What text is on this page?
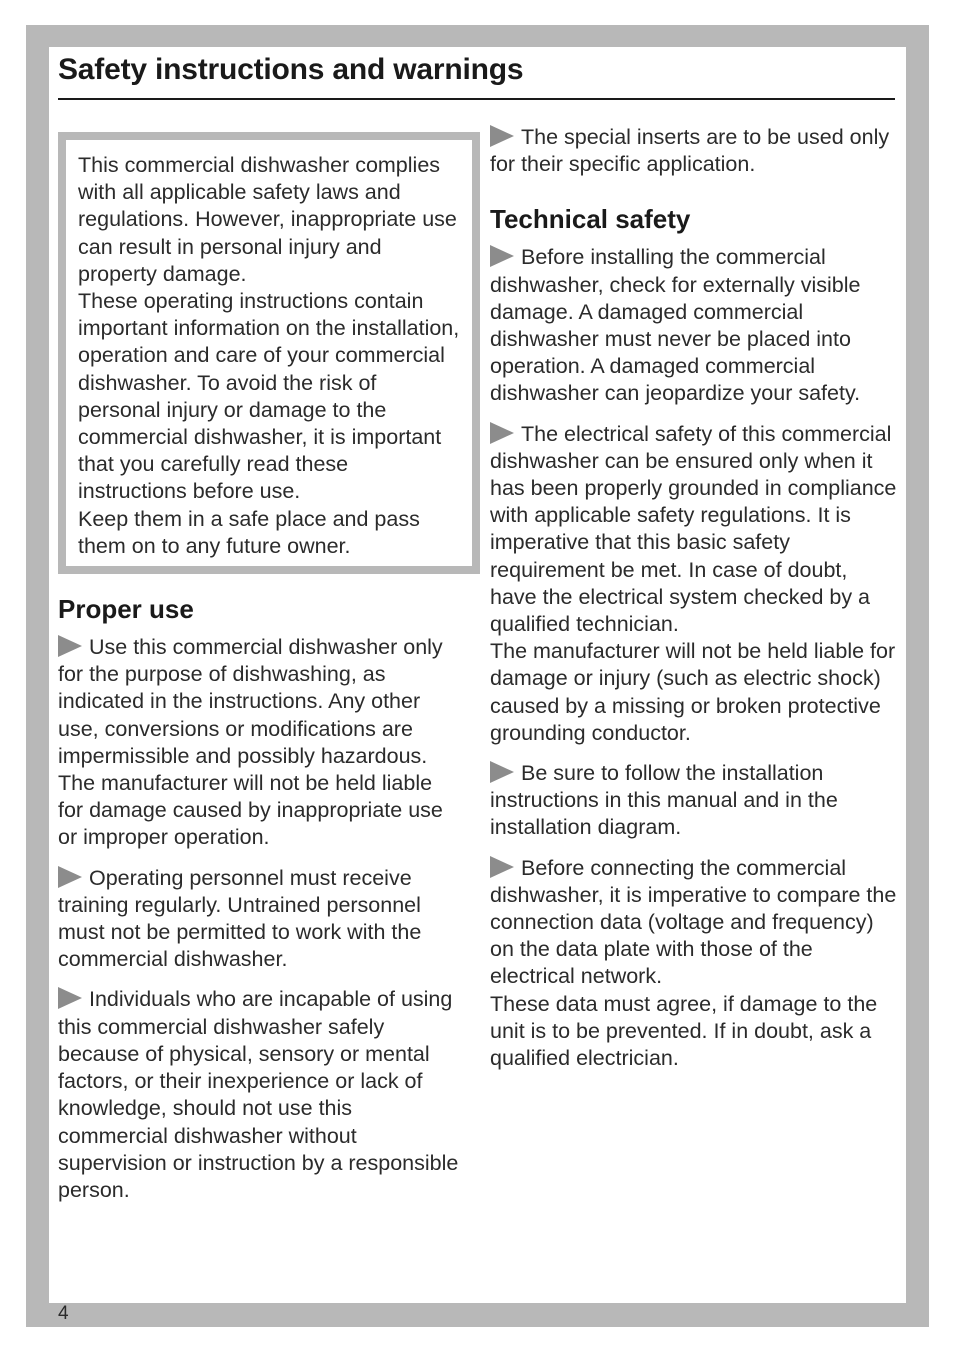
Safety instructions and warnings

This commercial dishwasher complies with all applicable safety laws and regulations. However, inappropriate use can result in personal injury and property damage.

These operating instructions contain important information on the installation, operation and care of your commercial dishwasher. To avoid the risk of personal injury or damage to the commercial dishwasher, it is important that you carefully read these instructions before use.

Keep them in a safe place and pass them on to any future owner.

Proper use

Use this commercial dishwasher only for the purpose of dishwashing, as indicated in the instructions. Any other use, conversions or modifications are impermissible and possibly hazardous. The manufacturer will not be held liable for damage caused by inappropriate use or improper operation.

Operating personnel must receive training regularly. Untrained personnel must not be permitted to work with the commercial dishwasher.

Individuals who are incapable of using this commercial dishwasher safely because of physical, sensory or mental factors, or their inexperience or lack of knowledge, should not use this commercial dishwasher without supervision or instruction by a responsible person.

The special inserts are to be used only for their specific application.

Technical safety

Before installing the commercial dishwasher, check for externally visible damage. A damaged commercial dishwasher must never be placed into operation. A damaged commercial dishwasher can jeopardize your safety.

The electrical safety of this commercial dishwasher can be ensured only when it has been properly grounded in compliance with applicable safety regulations. It is imperative that this basic safety requirement be met. In case of doubt, have the electrical system checked by a qualified technician.

The manufacturer will not be held liable for damage or injury (such as electric shock) caused by a missing or broken protective grounding conductor.

Be sure to follow the installation instructions in this manual and in the installation diagram.

Before connecting the commercial dishwasher, it is imperative to compare the connection data (voltage and frequency) on the data plate with those of the electrical network.

These data must agree, if damage to the unit is to be prevented. If in doubt, ask a qualified electrician.

4
